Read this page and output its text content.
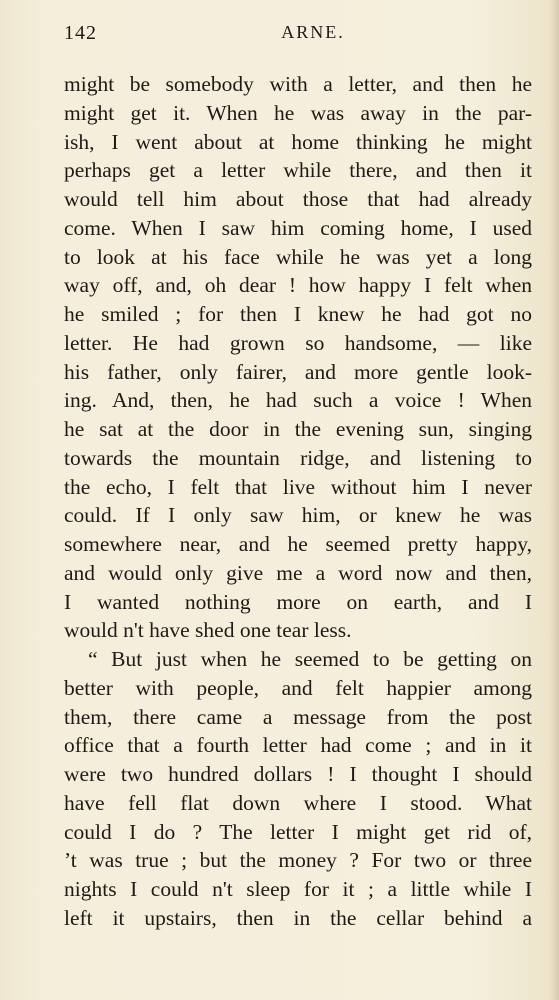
142	ARNE.
might be somebody with a letter, and then he
might get it. When he was away in the par-
ish, I went about at home thinking he might
perhaps get a letter while there, and then it
would tell him about those that had already
come. When I saw him coming home, I used
to look at his face while he was yet a long
way off, and, oh dear ! how happy I felt when
he smiled ; for then I knew he had got no
letter. He had grown so handsome, — like
his father, only fairer, and more gentle look-
ing. And, then, he had such a voice ! When
he sat at the door in the evening sun, singing
towards the mountain ridge, and listening to
the echo, I felt that live without him I never
could. If I only saw him, or knew he was
somewhere near, and he seemed pretty happy,
and would only give me a word now and then,
I wanted nothing more on earth, and I
would n't have shed one tear less.
“ But just when he seemed to be getting on
better with people, and felt happier among
them, there came a message from the post
office that a fourth letter had come ; and in it
were two hundred dollars ! I thought I should
have fell flat down where I stood. What
could I do ? The letter I might get rid of,
’t was true ; but the money ? For two or three
nights I could n't sleep for it ; a little while I
left it upstairs, then in the cellar behind a
